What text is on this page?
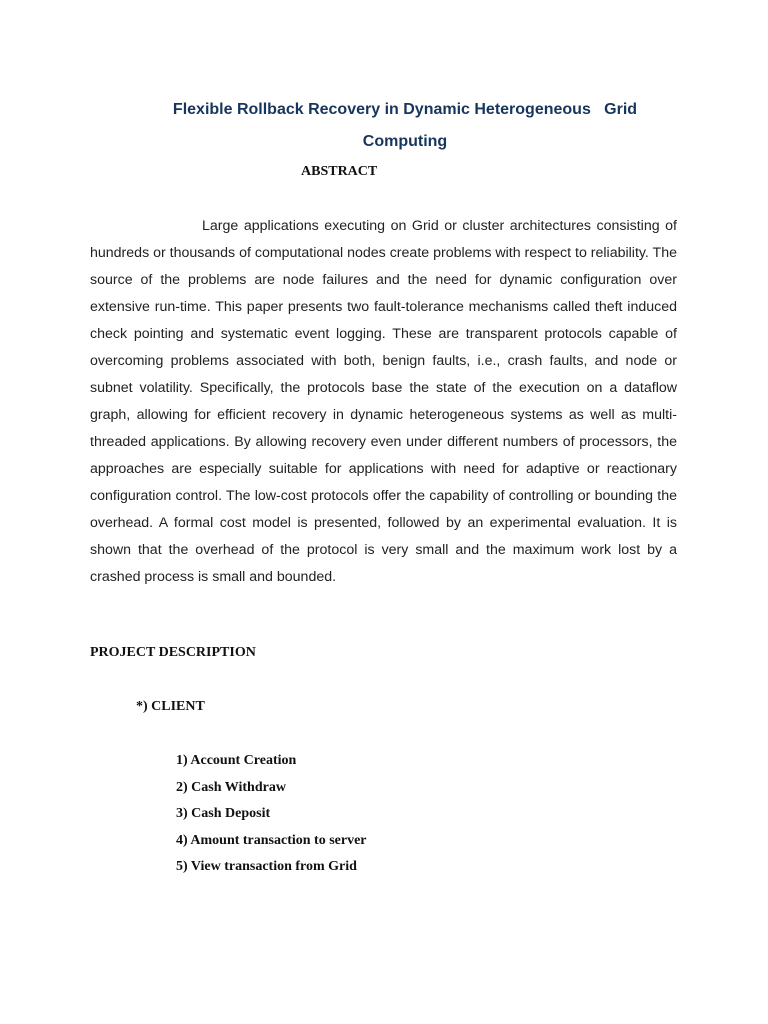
Flexible Rollback Recovery in Dynamic Heterogeneous   Grid
Computing
ABSTRACT

Large applications executing on Grid or cluster architectures consisting of hundreds or thousands of computational nodes create problems with respect to reliability. The source of the problems are node failures and the need for dynamic configuration over extensive run-time. This paper presents two fault-tolerance mechanisms called theft induced check pointing and systematic event logging. These are transparent protocols capable of overcoming problems associated with both, benign faults, i.e., crash faults, and node or subnet volatility. Specifically, the protocols base the state of the execution on a dataflow graph, allowing for efficient recovery in dynamic heterogeneous systems as well as multi-threaded applications. By allowing recovery even under different numbers of processors, the approaches are especially suitable for applications with need for adaptive or reactionary configuration control. The low-cost protocols offer the capability of controlling or bounding the overhead. A formal cost model is presented, followed by an experimental evaluation. It is shown that the overhead of the protocol is very small and the maximum work lost by a crashed process is small and bounded.

PROJECT DESCRIPTION
*) CLIENT
1) Account Creation
2) Cash Withdraw
3) Cash Deposit
4) Amount transaction to server
5) View transaction from Grid
